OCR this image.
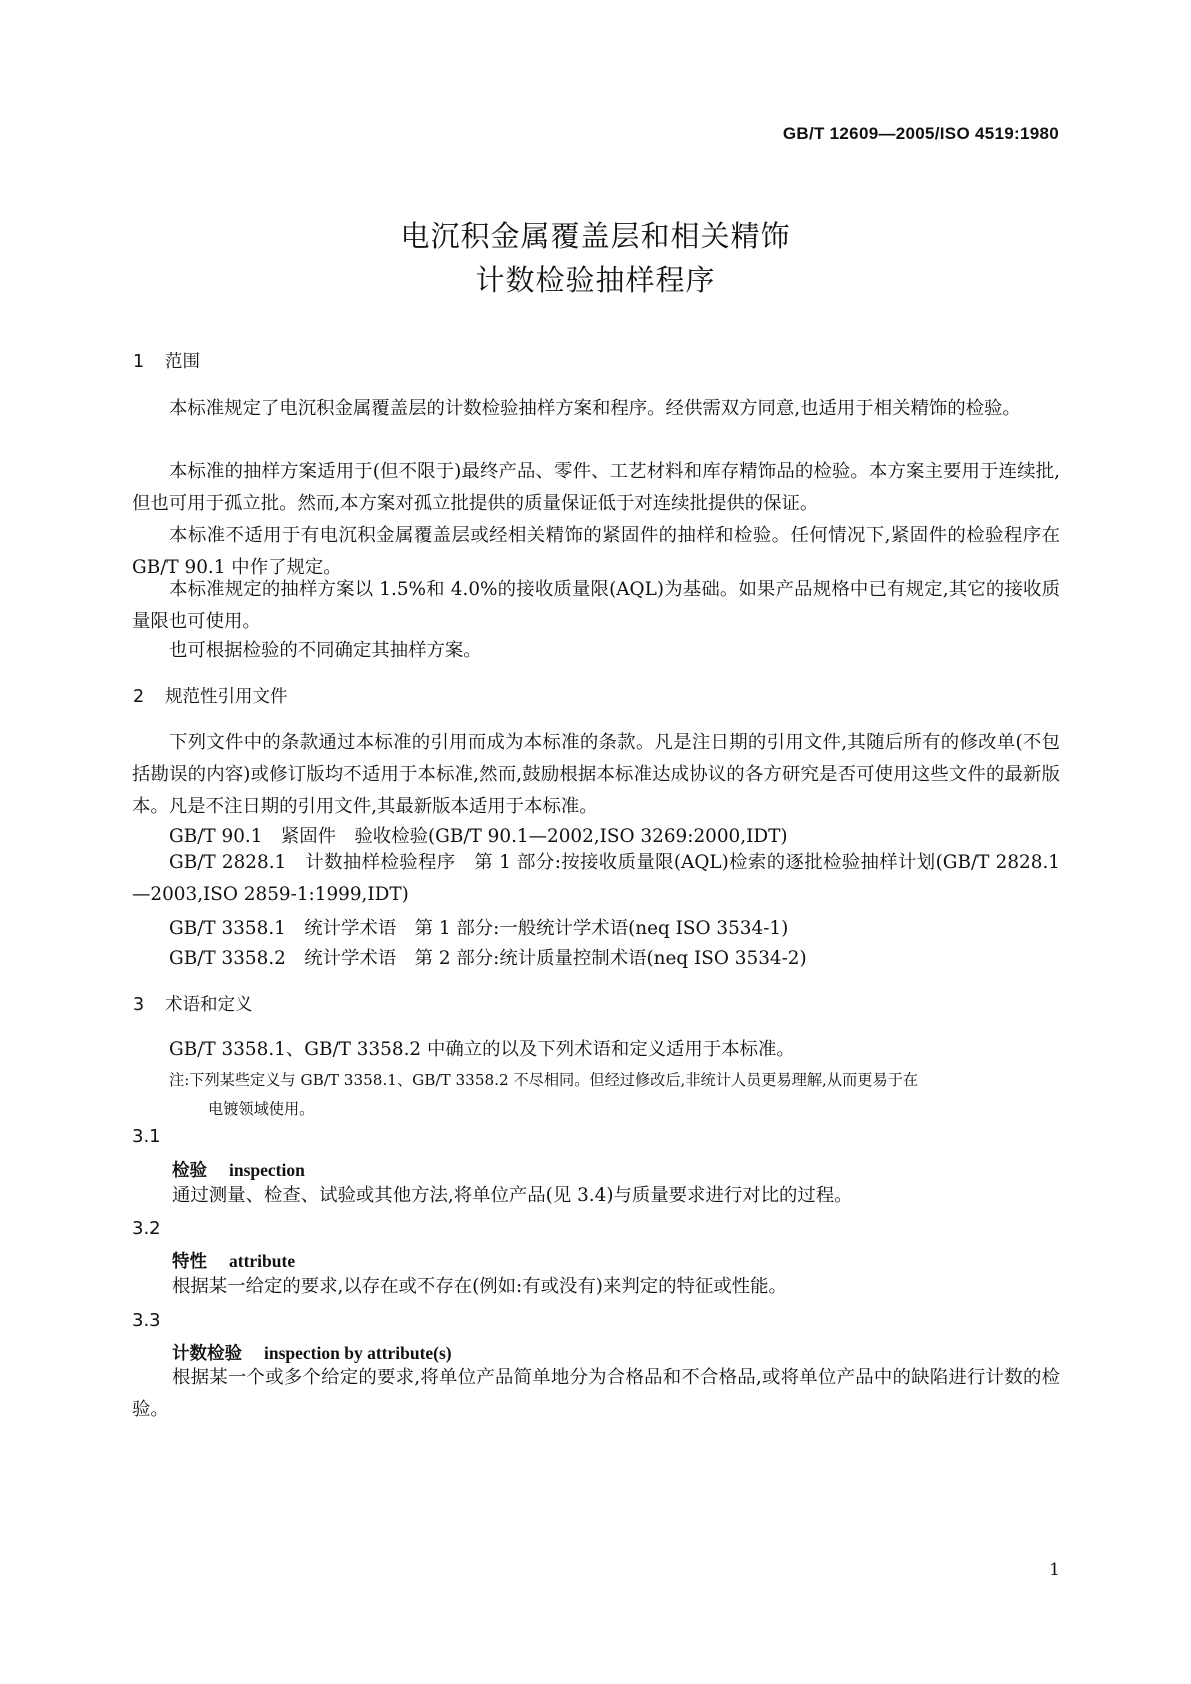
GB/T 12609—2005/ISO 4519:1980
电沉积金属覆盖层和相关精饰
计数检验抽样程序
1 范围

本标准规定了电沉积金属覆盖层的计数检验抽样方案和程序。经供需双方同意,也适用于相关精饰的检验。

本标准的抽样方案适用于(但不限于)最终产品、零件、工艺材料和库存精饰品的检验。本方案主要用于连续批,但也可用于孤立批。然而,本方案对孤立批提供的质量保证低于对连续批提供的保证。

本标准不适用于有电沉积金属覆盖层或经相关精饰的紧固件的抽样和检验。任何情况下,紧固件的检验程序在 GB/T 90.1 中作了规定。

本标准规定的抽样方案以 1.5%和 4.0%的接收质量限(AQL)为基础。如果产品规格中已有规定,其它的接收质量限也可使用。

也可根据检验的不同确定其抽样方案。

2 规范性引用文件

下列文件中的条款通过本标准的引用而成为本标准的条款。凡是注日期的引用文件,其随后所有的修改单(不包括勘误的内容)或修订版均不适用于本标准,然而,鼓励根据本标准达成协议的各方研究是否可使用这些文件的最新版本。凡是不注日期的引用文件,其最新版本适用于本标准。

GB/T 90.1　紧固件　验收检验(GB/T 90.1—2002,ISO 3269:2000,IDT)
GB/T 2828.1　计数抽样检验程序　第 1 部分:按接收质量限(AQL)检索的逐批检验抽样计划(GB/T 2828.1—2003,ISO 2859-1:1999,IDT)
GB/T 3358.1　统计学术语　第 1 部分:一般统计学术语(neq ISO 3534-1)
GB/T 3358.2　统计学术语　第 2 部分:统计质量控制术语(neq ISO 3534-2)
3 术语和定义
GB/T 3358.1、GB/T 3358.2 中确立的以及下列术语和定义适用于本标准。
注:下列某些定义与 GB/T 3358.1、GB/T 3358.2 不尽相同。但经过修改后,非统计人员更易理解,从而更易于在
电镀领域使用。
3.1
检验 inspection
通过测量、检查、试验或其他方法,将单位产品(见 3.4)与质量要求进行对比的过程。
3.2
特性 attribute
根据某一给定的要求,以存在或不存在(例如:有或没有)来判定的特征或性能。
3.3
计数检验 inspection by attribute(s)
根据某一个或多个给定的要求,将单位产品简单地分为合格品和不合格品,或将单位产品中的缺陷进行计数的检验。
1
